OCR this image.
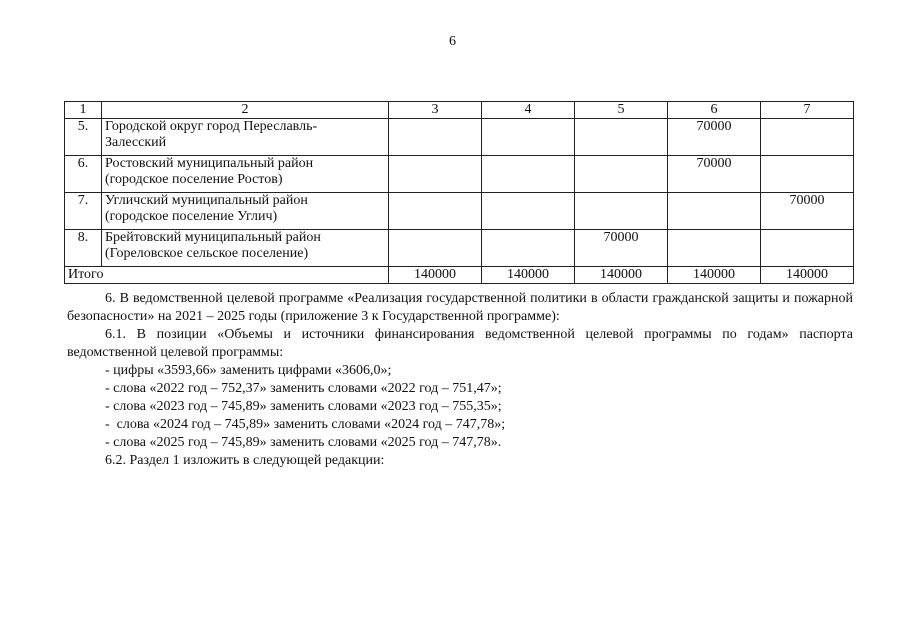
6
1	2	3	4	5	6	7
5.	Городской округ город Переславль-
Залесский				70000	
6.	Ростовский муниципальный район
(городское поселение Ростов)				70000	
7.	Угличский муниципальный район
(городское поселение Углич)					70000
8.	Брейтовский муниципальный район
(Гореловское сельское поселение)			70000		
Итого		140000	140000	140000	140000	140000

6. В ведомственной целевой программе «Реализация государственной политики в области гражданской защиты и пожарной безопасности» на 2021 – 2025 годы (приложение 3 к Государственной программе):

6.1. В позиции «Объемы и источники финансирования ведомственной целевой программы по годам» паспорта ведомственной целевой программы:

- цифры «3593,66» заменить цифрами «3606,0»;

- слова «2022 год – 752,37» заменить словами «2022 год – 751,47»;

- слова «2023 год – 745,89» заменить словами «2023 год – 755,35»;

-  слова «2024 год – 745,89» заменить словами «2024 год – 747,78»;

- слова «2025 год – 745,89» заменить словами «2025 год – 747,78».

6.2. Раздел 1 изложить в следующей редакции:
